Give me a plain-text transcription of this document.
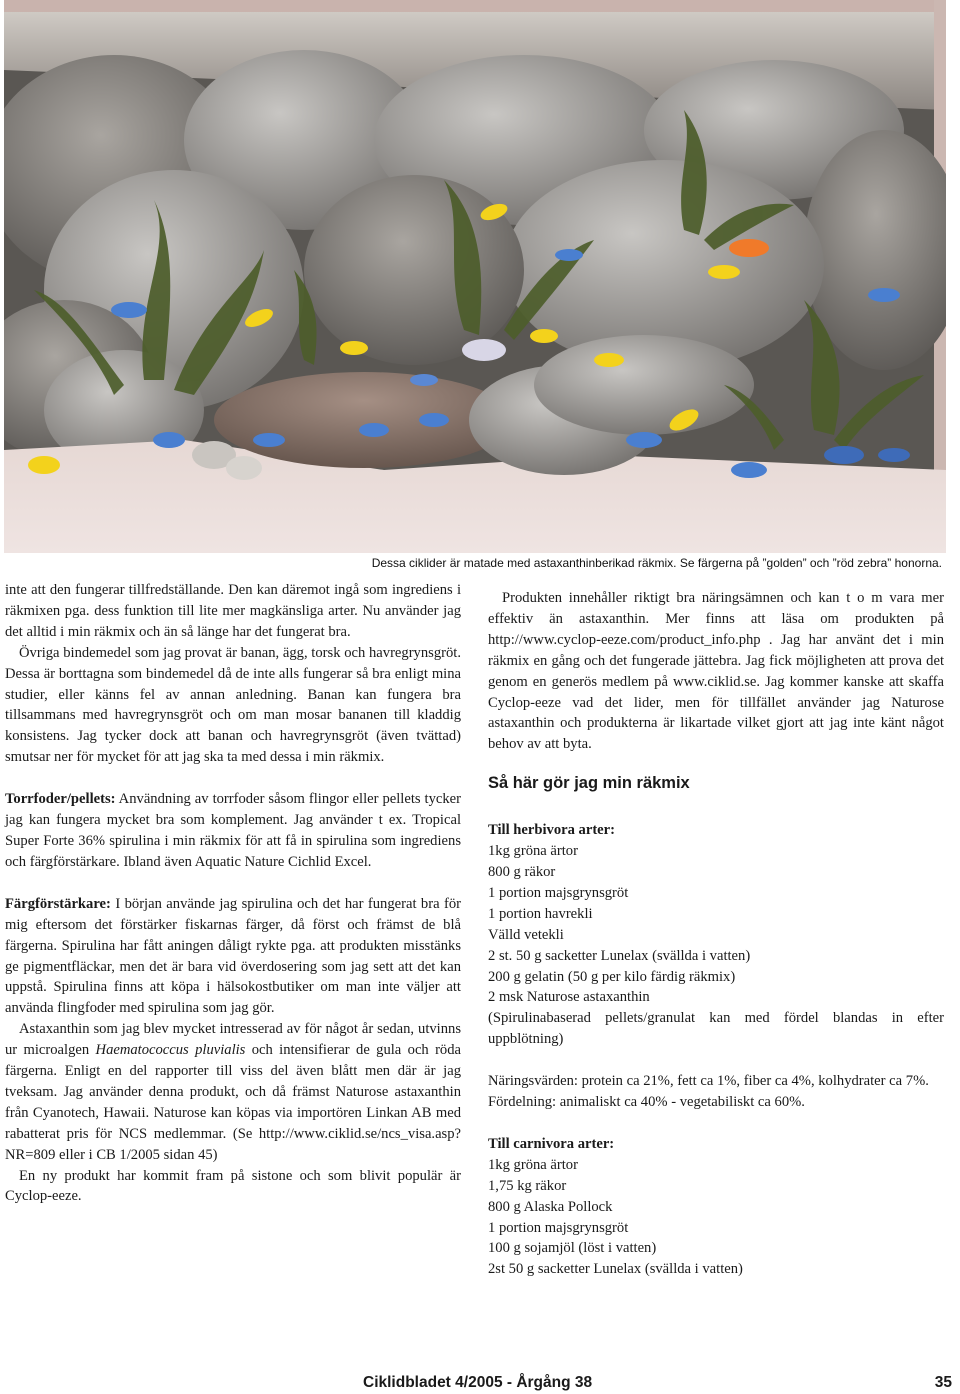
Dessa ciklider är matade med astaxanthinberikad räkmix. Se färgerna på ”golden” och ”röd zebra” honorna.

inte att den fungerar tillfredställande. Den kan däremot ingå som ingrediens i räkmixen pga. dess funktion till lite mer magkänsliga arter. Nu använder jag det alltid i min räkmix och än så länge har det fungerat bra.

Övriga bindemedel som jag provat är banan, ägg, torsk och havregrynsgröt. Dessa är borttagna som bindemedel då de inte alls fungerar så bra enligt mina studier, eller känns fel av annan anledning. Banan kan fungera bra tillsammans med havregrynsgröt och om man mosar bananen till kladdig konsistens. Jag tycker dock att banan och havregrynsgröt (även tvättad) smutsar ner för mycket för att jag ska ta med dessa i min räkmix.

Torrfoder/pellets: Användning av torrfoder såsom flingor eller pellets tycker jag kan fungera mycket bra som komplement. Jag använder t ex. Tropical Super Forte 36% spirulina i min räkmix för att få in spirulina som ingrediens och färgförstärkare. Ibland även Aquatic Nature Cichlid Excel.

Färgförstärkare: I början använde jag spirulina och det har fungerat bra för mig eftersom det förstärker fiskarnas färger, då först och främst de blå färgerna. Spirulina har fått aningen dåligt rykte pga. att produkten misstänks ge pigmentfläckar, men det är bara vid överdosering som jag sett att det kan uppstå. Spirulina finns att köpa i hälsokostbutiker om man inte väljer att använda flingfoder med spirulina som jag gör.

Astaxanthin som jag blev mycket intresserad av för något år sedan, utvinns ur microalgen Haematococcus pluvialis och intensifierar de gula och röda färgerna. Enligt en del rapporter till viss del även blått men där är jag tveksam. Jag använder denna produkt, och då främst Naturose astaxanthin från Cyanotech, Hawaii. Naturose kan köpas via importören Linkan AB med rabatterat pris för NCS medlemmar. (Se http://www.ciklid.se/ncs_visa.asp?NR=809 eller i CB 1/2005 sidan 45)

En ny produkt har kommit fram på sistone och som blivit populär är Cyclop-eeze.

Produkten innehåller riktigt bra näringsämnen och kan t o m vara mer effektiv än astaxanthin. Mer finns att läsa om produkten på http://www.cyclop-eeze.com/product_info.php . Jag har använt det i min räkmix en gång och det fungerade jättebra. Jag fick möjligheten att prova det genom en generös medlem på www.ciklid.se. Jag kommer kanske att skaffa Cyclop-eeze vad det lider, men för tillfället använder jag Naturose astaxanthin och produkterna är likartade vilket gjort att jag inte känt något behov av att byta.

Så här gör jag min räkmix

Till herbivora arter:

1kg gröna ärtor

800 g räkor

1 portion majsgrynsgröt

1 portion havrekli

Välld vetekli

2 st. 50 g sacketter Lunelax (svällda i vatten)

200 g gelatin (50 g per kilo färdig räkmix)

2 msk Naturose astaxanthin

(Spirulinabaserad pellets/granulat kan med fördel blandas in efter uppblötning)

Näringsvärden: protein ca 21%, fett ca 1%, fiber ca 4%, kolhydrater ca 7%.

Fördelning: animaliskt ca 40% - vegetabiliskt ca 60%.

Till carnivora arter:

1kg gröna ärtor

1,75 kg räkor

800 g Alaska Pollock

1 portion majsgrynsgröt

100 g sojamjöl (löst i vatten)

2st 50 g sacketter Lunelax (svällda i vatten)

Ciklidbladet 4/2005 - Årgång 38	35
